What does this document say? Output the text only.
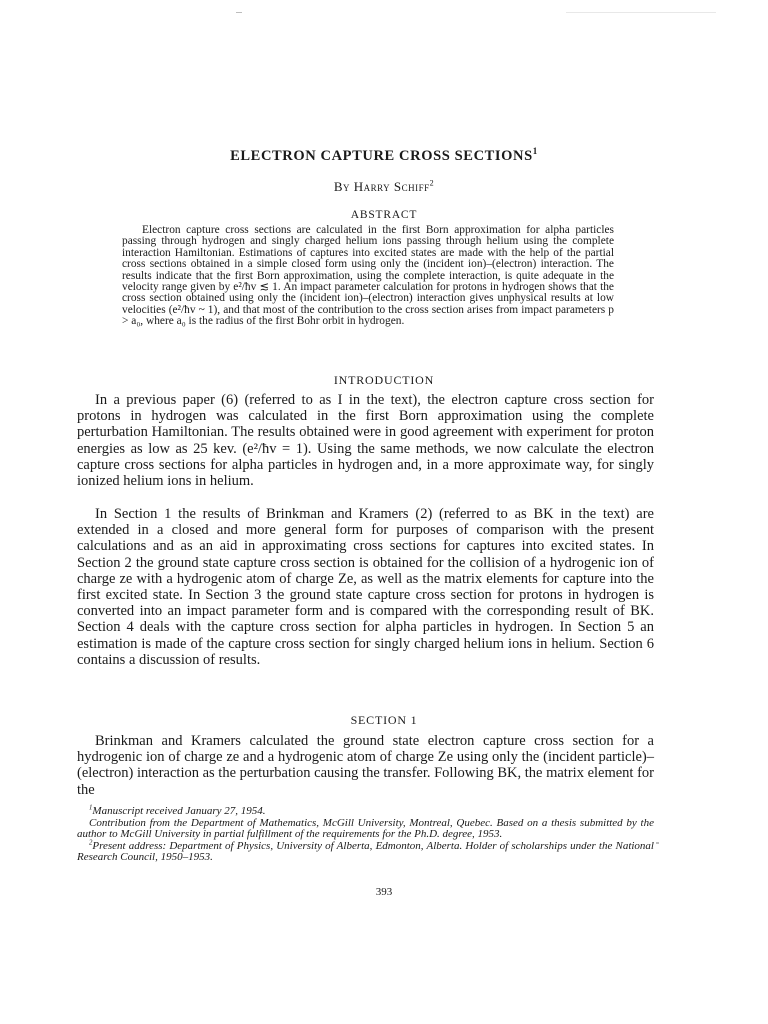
ELECTRON CAPTURE CROSS SECTIONS$^1$
By Harry Schiff$^2$
ABSTRACT

Electron capture cross sections are calculated in the first Born approximation for alpha particles passing through hydrogen and singly charged helium ions passing through helium using the complete interaction Hamiltonian. Estimations of captures into excited states are made with the help of the partial cross sections obtained in a simple closed form using only the (incident ion)–(electron) interaction. The results indicate that the first Born approximation, using the complete interaction, is quite adequate in the velocity range given by e²/ħv ≲ 1. An impact parameter calculation for protons in hydrogen shows that the cross section obtained using only the (incident ion)–(electron) interaction gives unphysical results at low velocities (e²/ħv ~ 1), and that most of the contribution to the cross section arises from impact parameters p > a₀, where a₀ is the radius of the first Bohr orbit in hydrogen.

INTRODUCTION

In a previous paper (6) (referred to as I in the text), the electron capture cross section for protons in hydrogen was calculated in the first Born approximation using the complete perturbation Hamiltonian. The results obtained were in good agreement with experiment for proton energies as low as 25 kev. (e²/ħv = 1). Using the same methods, we now calculate the electron capture cross sections for alpha particles in hydrogen and, in a more approximate way, for singly ionized helium ions in helium.

In Section 1 the results of Brinkman and Kramers (2) (referred to as BK in the text) are extended in a closed and more general form for purposes of comparison with the present calculations and as an aid in approximating cross sections for captures into excited states. In Section 2 the ground state capture cross section is obtained for the collision of a hydrogenic ion of charge ze with a hydrogenic atom of charge Ze, as well as the matrix elements for capture into the first excited state. In Section 3 the ground state capture cross section for protons in hydrogen is converted into an impact parameter form and is compared with the corresponding result of BK. Section 4 deals with the capture cross section for alpha particles in hydrogen. In Section 5 an estimation is made of the capture cross section for singly charged helium ions in helium. Section 6 contains a discussion of results.

SECTION 1

Brinkman and Kramers calculated the ground state electron capture cross section for a hydrogenic ion of charge ze and a hydrogenic atom of charge Ze using only the (incident particle)–(electron) interaction as the perturbation causing the transfer. Following BK, the matrix element for the

$^1$Manuscript received January 27, 1954.

Contribution from the Department of Mathematics, McGill University, Montreal, Quebec. Based on a thesis submitted by the author to McGill University in partial fulfillment of the requirements for the Ph.D. degree, 1953.

$^2$Present address: Department of Physics, University of Alberta, Edmonton, Alberta. Holder of scholarships under the National Research Council, 1950–1953.

393
